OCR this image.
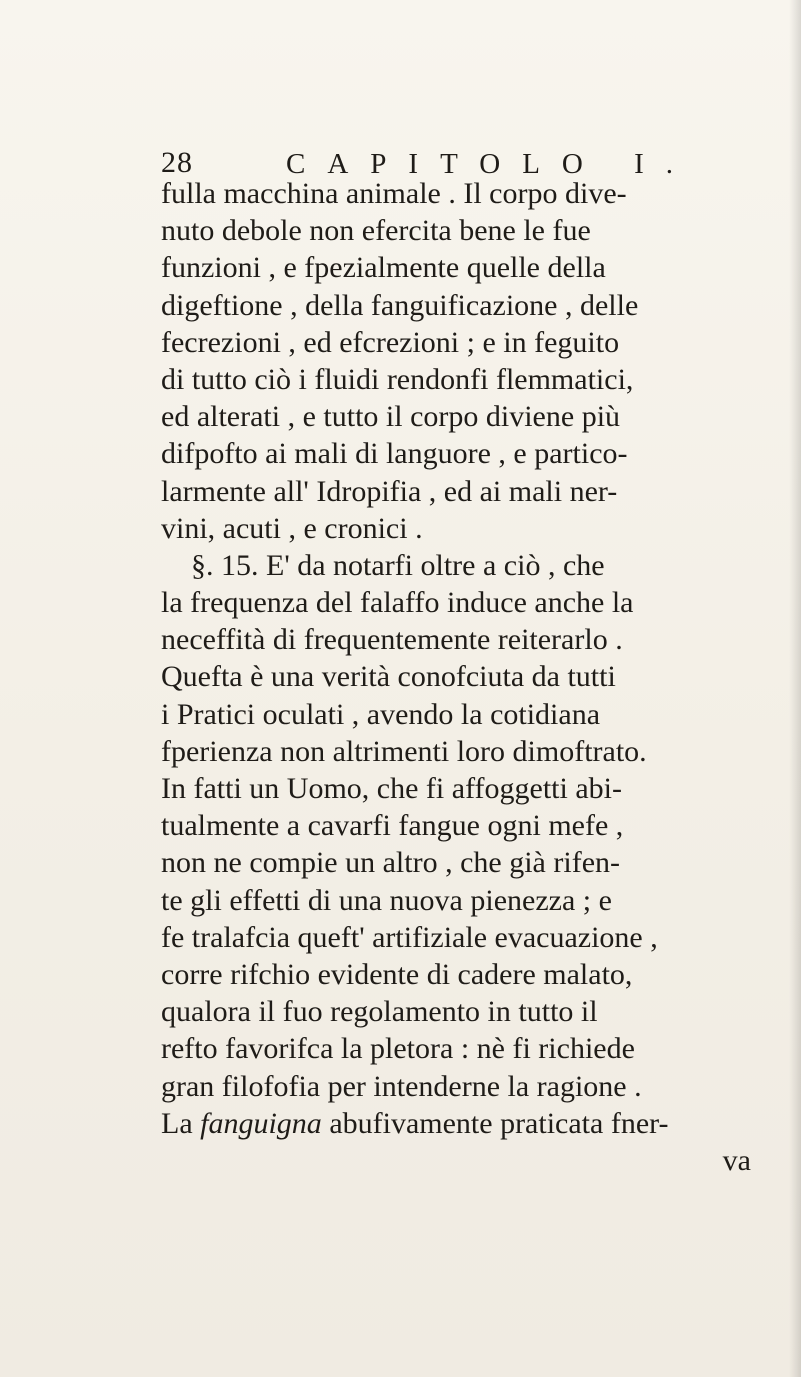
28	CAPITOLO I.
fulla macchina animale . Il corpo dive-
nuto debole non efercita bene le fue
funzioni , e fpezialmente quelle della
digeftione , della fanguificazione , delle
fecrezioni , ed efcrezioni ; e in feguito
di tutto ciò i fluidi rendonfi flemmatici,
ed alterati , e tutto il corpo diviene più
difpofto ai mali di languore , e partico-
larmente all' Idropifia , ed ai mali ner-
vini, acuti , e cronici .
§. 15. E' da notarfi oltre a ciò , che
la frequenza del falaffo induce anche la
neceffità di frequentemente reiterarlo .
Quefta è una verità conofciuta da tutti
i Pratici oculati , avendo la cotidiana
fperienza non altrimenti loro dimoftrato.
In fatti un Uomo, che fi affoggetti abi-
tualmente a cavarfi fangue ogni mefe ,
non ne compie un altro , che già rifen-
te gli effetti di una nuova pienezza ; e
fe tralafcia queft' artifiziale evacuazione ,
corre rifchio evidente di cadere malato,
qualora il fuo regolamento in tutto il
refto favorifca la pletora : nè fi richiede
gran filofofia per intenderne la ragione .
La fanguigna abufivamente praticata fner-
va
